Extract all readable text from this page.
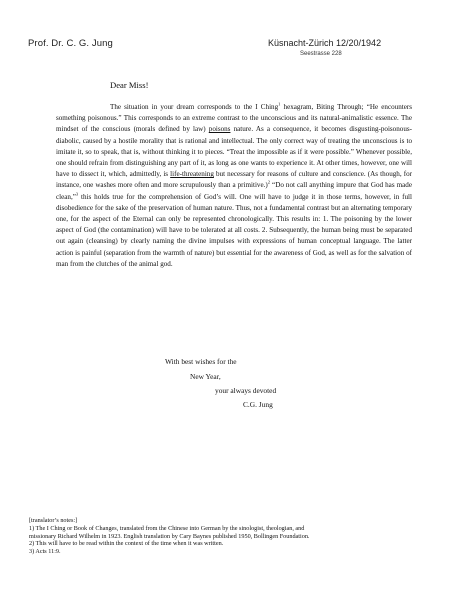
Prof. Dr. C. G. Jung	Küsnacht-Zürich 12/20/1942
Seestrasse 228
Dear Miss!

The situation in your dream corresponds to the I Ching$^1$ hexagram, Biting Through; “He encounters something poisonous.” This corresponds to an extreme contrast to the unconscious and its natural-animalistic essence. The mindset of the conscious (morals defined by law) poisons nature. As a consequence, it becomes disgusting-poisonous-diabolic, caused by a hostile morality that is rational and intellectual. The only correct way of treating the unconscious is to imitate it, so to speak, that is, without thinking it to pieces. “Treat the impossible as if it were possible.” Whenever possible, one should refrain from distinguishing any part of it, as long as one wants to experience it. At other times, however, one will have to dissect it, which, admittedly, is life-threatening but necessary for reasons of culture and conscience. (As though, for instance, one washes more often and more scrupulously than a primitive.)$^2$ “Do not call anything impure that God has made clean,”$^3$ this holds true for the comprehension of God’s will. One will have to judge it in those terms, however, in full disobedience for the sake of the preservation of human nature. Thus, not a fundamental contrast but an alternating temporary one, for the aspect of the Eternal can only be represented chronologically. This results in: 1. The poisoning by the lower aspect of God (the contamination) will have to be tolerated at all costs. 2. Subsequently, the human being must be separated out again (cleansing) by clearly naming the divine impulses with expressions of human conceptual language. The latter action is painful (separation from the warmth of nature) but essential for the awareness of God, as well as for the salvation of man from the clutches of the animal god.

With best wishes for the
New Year,
your always devoted
C.G. Jung
[translator’s notes:]
1) The I Ching or Book of Changes, translated from the Chinese into German by the sinologist, theologian, and
missionary Richard Wilhelm in 1923. English translation by Cary Baynes published 1950, Bollingen Foundation.
2) This will have to be read within the context of the time when it was written.
3) Acts 11:9.
